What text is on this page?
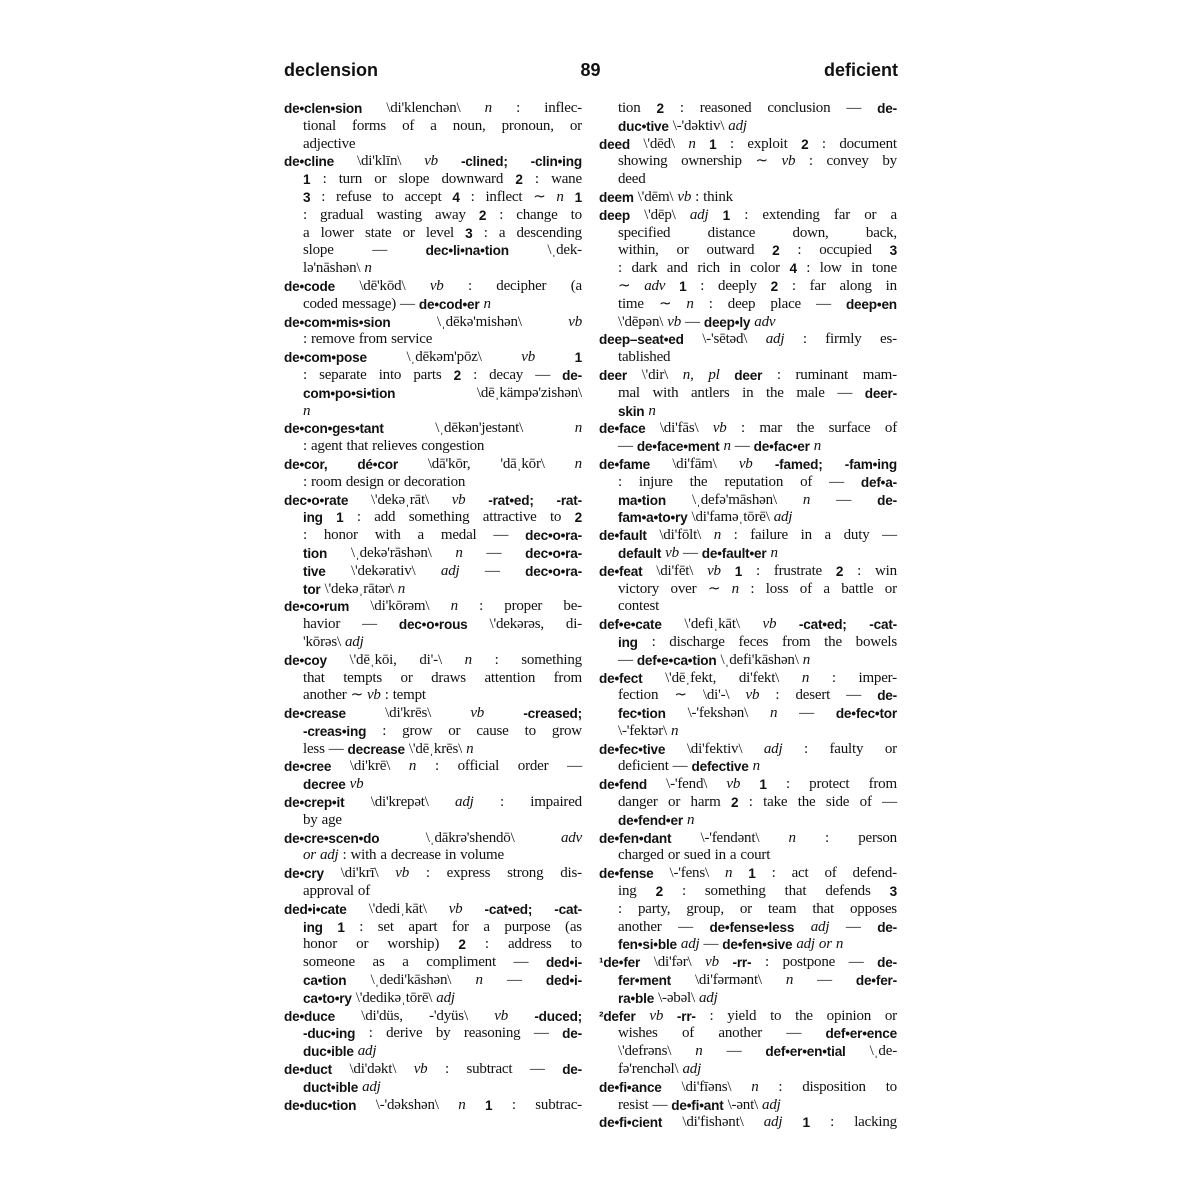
declension	89	deficient
de•clen•sion \di'klenchən\ n : inflec-
tional forms of a noun, pronoun, or
adjective
de•cline \di'klīn\ vb -clined; -clin•ing
1 : turn or slope downward 2 : wane
3 : refuse to accept 4 : inflect ∼ n 1
: gradual wasting away 2 : change to
a lower state or level 3 : a descending
slope	—	dec•li•na•tion	\ˌdek-
lə'nāshən\ n
de•code \dē'kōd\ vb : decipher (a
coded message) — de•cod•er n
de•com•mis•sion	\ˌdēkə'mishən\	vb
: remove from service
de•com•pose	\ˌdēkəm'pōz\	vb	1
: separate into parts 2 : decay — de-
com•po•si•tion	\dēˌkämpə'zishən\
n
de•con•ges•tant	\ˌdēkən'jestənt\	n
: agent that relieves congestion
de•cor, dé•cor \dā'kōr, 'dāˌkōr\ n
: room design or decoration
dec•o•rate \'dekəˌrāt\ vb -rat•ed; -rat-
ing 1 : add something attractive to 2
: honor with a medal — dec•o•ra-
tion \ˌdekə'rāshən\ n — dec•o•ra-
tive \'dekərativ\ adj — dec•o•ra-
tor \'dekəˌrātər\ n
de•co•rum \di'kōrəm\ n : proper be-
havior — dec•o•rous \'dekərəs, di-
'kōrəs\ adj
de•coy \'dēˌkōi, di'-\ n : something
that tempts or draws attention from
another ∼ vb : tempt
de•crease	\di'krēs\	vb	-creased;
-creas•ing : grow or cause to grow
less — decrease \'dēˌkrēs\ n
de•cree \di'krē\ n : official order —
decree vb
de•crep•it \di'krepət\ adj : impaired
by age
de•cre•scen•do	\ˌdākrə'shendō\	adv
or adj : with a decrease in volume
de•cry \di'krī\ vb : express strong dis-
approval of
ded•i•cate \'dediˌkāt\ vb -cat•ed; -cat-
ing 1 : set apart for a purpose (as
honor or worship) 2 : address to
someone as a compliment — ded•i-
ca•tion \ˌdedi'kāshən\ n — ded•i-
ca•to•ry \'dedikəˌtōrē\ adj
de•duce \di'düs, -'dyüs\ vb -duced;
-duc•ing : derive by reasoning — de-
duc•ible adj
de•duct \di'dəkt\ vb : subtract — de-
duct•ible adj
de•duc•tion \-'dəkshən\ n 1 : subtrac-
tion 2 : reasoned conclusion — de-
duc•tive \-'dəktiv\ adj
deed \'dēd\ n 1 : exploit 2 : document
showing ownership ∼ vb : convey by
deed
deem \'dēm\ vb : think
deep \'dēp\ adj 1 : extending far or a
specified distance down, back,
within, or outward 2 : occupied 3
: dark and rich in color 4 : low in tone
∼ adv 1 : deeply 2 : far along in
time ∼ n : deep place — deep•en
\'dēpən\ vb — deep•ly adv
deep–seat•ed \-'sētəd\ adj : firmly es-
tablished
deer \'dir\ n, pl deer : ruminant mam-
mal with antlers in the male — deer-
skin n
de•face \di'fās\ vb : mar the surface of
— de•face•ment n — de•fac•er n
de•fame \di'fām\ vb -famed; -fam•ing
: injure the reputation of — def•a-
ma•tion \ˌdefə'māshən\ n — de-
fam•a•to•ry \di'faməˌtōrē\ adj
de•fault \di'fōlt\ n : failure in a duty —
default vb — de•fault•er n
de•feat \di'fēt\ vb 1 : frustrate 2 : win
victory over ∼ n : loss of a battle or
contest
def•e•cate \'defiˌkāt\ vb -cat•ed; -cat-
ing : discharge feces from the bowels
— def•e•ca•tion \ˌdefi'kāshən\ n
de•fect \'dēˌfekt, di'fekt\ n : imper-
fection ∼ \di'-\ vb : desert — de-
fec•tion \-'fekshən\ n — de•fec•tor
\-'fektər\ n
de•fec•tive \di'fektiv\ adj : faulty or
deficient — defective n
de•fend \-'fend\ vb 1 : protect from
danger or harm 2 : take the side of —
de•fend•er n
de•fen•dant \-'fendənt\ n : person
charged or sued in a court
de•fense \-'fens\ n 1 : act of defend-
ing 2 : something that defends 3
: party, group, or team that opposes
another — de•fense•less adj — de-
fen•si•ble adj — de•fen•sive adj or n
¹de•fer \di'fər\ vb -rr- : postpone — de-
fer•ment \di'fərmənt\ n — de•fer-
ra•ble \-əbəl\ adj
²defer vb -rr- : yield to the opinion or
wishes of another — def•er•ence
\'defrəns\ n — def•er•en•tial \ˌde-
fə'renchəl\ adj
de•fi•ance \di'fīəns\ n : disposition to
resist — de•fi•ant \-ənt\ adj
de•fi•cient \di'fishənt\ adj 1 : lacking
